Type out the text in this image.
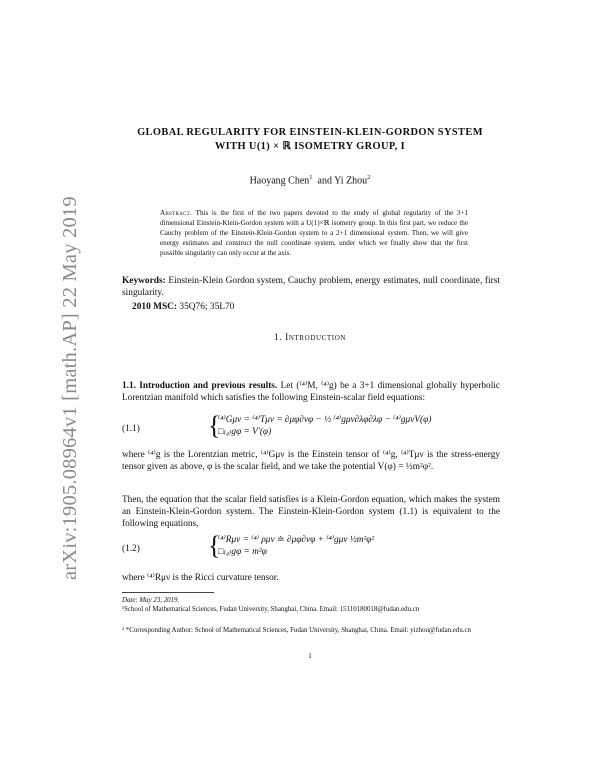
arXiv:1905.08964v1 [math.AP] 22 May 2019
GLOBAL REGULARITY FOR EINSTEIN-KLEIN-GORDON SYSTEM
WITH U(1) × ℝ ISOMETRY GROUP, I
Haoyang Chen$^1$ and Yi Zhou$^2$
Abstract. This is the first of the two papers devoted to the study of global regularity of the 3+1 dimensional Einstein-Klein-Gordon system with a U(1)×ℝ isometry group. In this first part, we reduce the Cauchy problem of the Einstein-Klein-Gordon system to a 2+1 dimensional system. Then, we will give energy estimates and construct the null coordinate system, under which we finally show that the first possible singularity can only occur at the axis.
Keywords: Einstein-Klein Gordon system, Cauchy problem, energy estimates, null coordinate, first singularity.
2010 MSC: 35Q76; 35L70
1. Introduction
1.1. Introduction and previous results. Let (⁽⁴⁾M, ⁽⁴⁾g) be a 3+1 dimensional globally hyperbolic Lorentzian manifold which satisfies the following Einstein-scalar field equations:
(1.1)	{
⁽⁴⁾Gμν = ⁽⁴⁾Tμν = ∂μφ∂νφ − ½ ⁽⁴⁾gμν∂λφ∂λφ − ⁽⁴⁾gμνV(φ)
□₍₄₎gφ = V′(φ)
where ⁽⁴⁾g is the Lorentzian metric, ⁽⁴⁾Gμν is the Einstein tensor of ⁽⁴⁾g, ⁽⁴⁾Tμν is the stress-energy tensor given as above, φ is the scalar field, and we take the potential V(φ) = ½m²φ².
Then, the equation that the scalar field satisfies is a Klein-Gordon equation, which makes the system an Einstein-Klein-Gordon system. The Einstein-Klein-Gordon system (1.1) is equivalent to the following equations,
(1.2)	{
⁽⁴⁾Rμν = ⁽⁴⁾ ρμν ≐ ∂μφ∂νφ + ⁽⁴⁾gμν ½m²φ²
□₍₄₎gφ = m²φ
where ⁽⁴⁾Rμν is the Ricci curvature tensor.
Date: May 23, 2019.
¹School of Mathematical Sciences, Fudan University, Shanghai, China. Email: 15110180018@fudan.edu.cn
² *Corresponding Author: School of Mathematical Sciences, Fudan University, Shanghai, China. Email: yizhou@fudan.edu.cn
1
